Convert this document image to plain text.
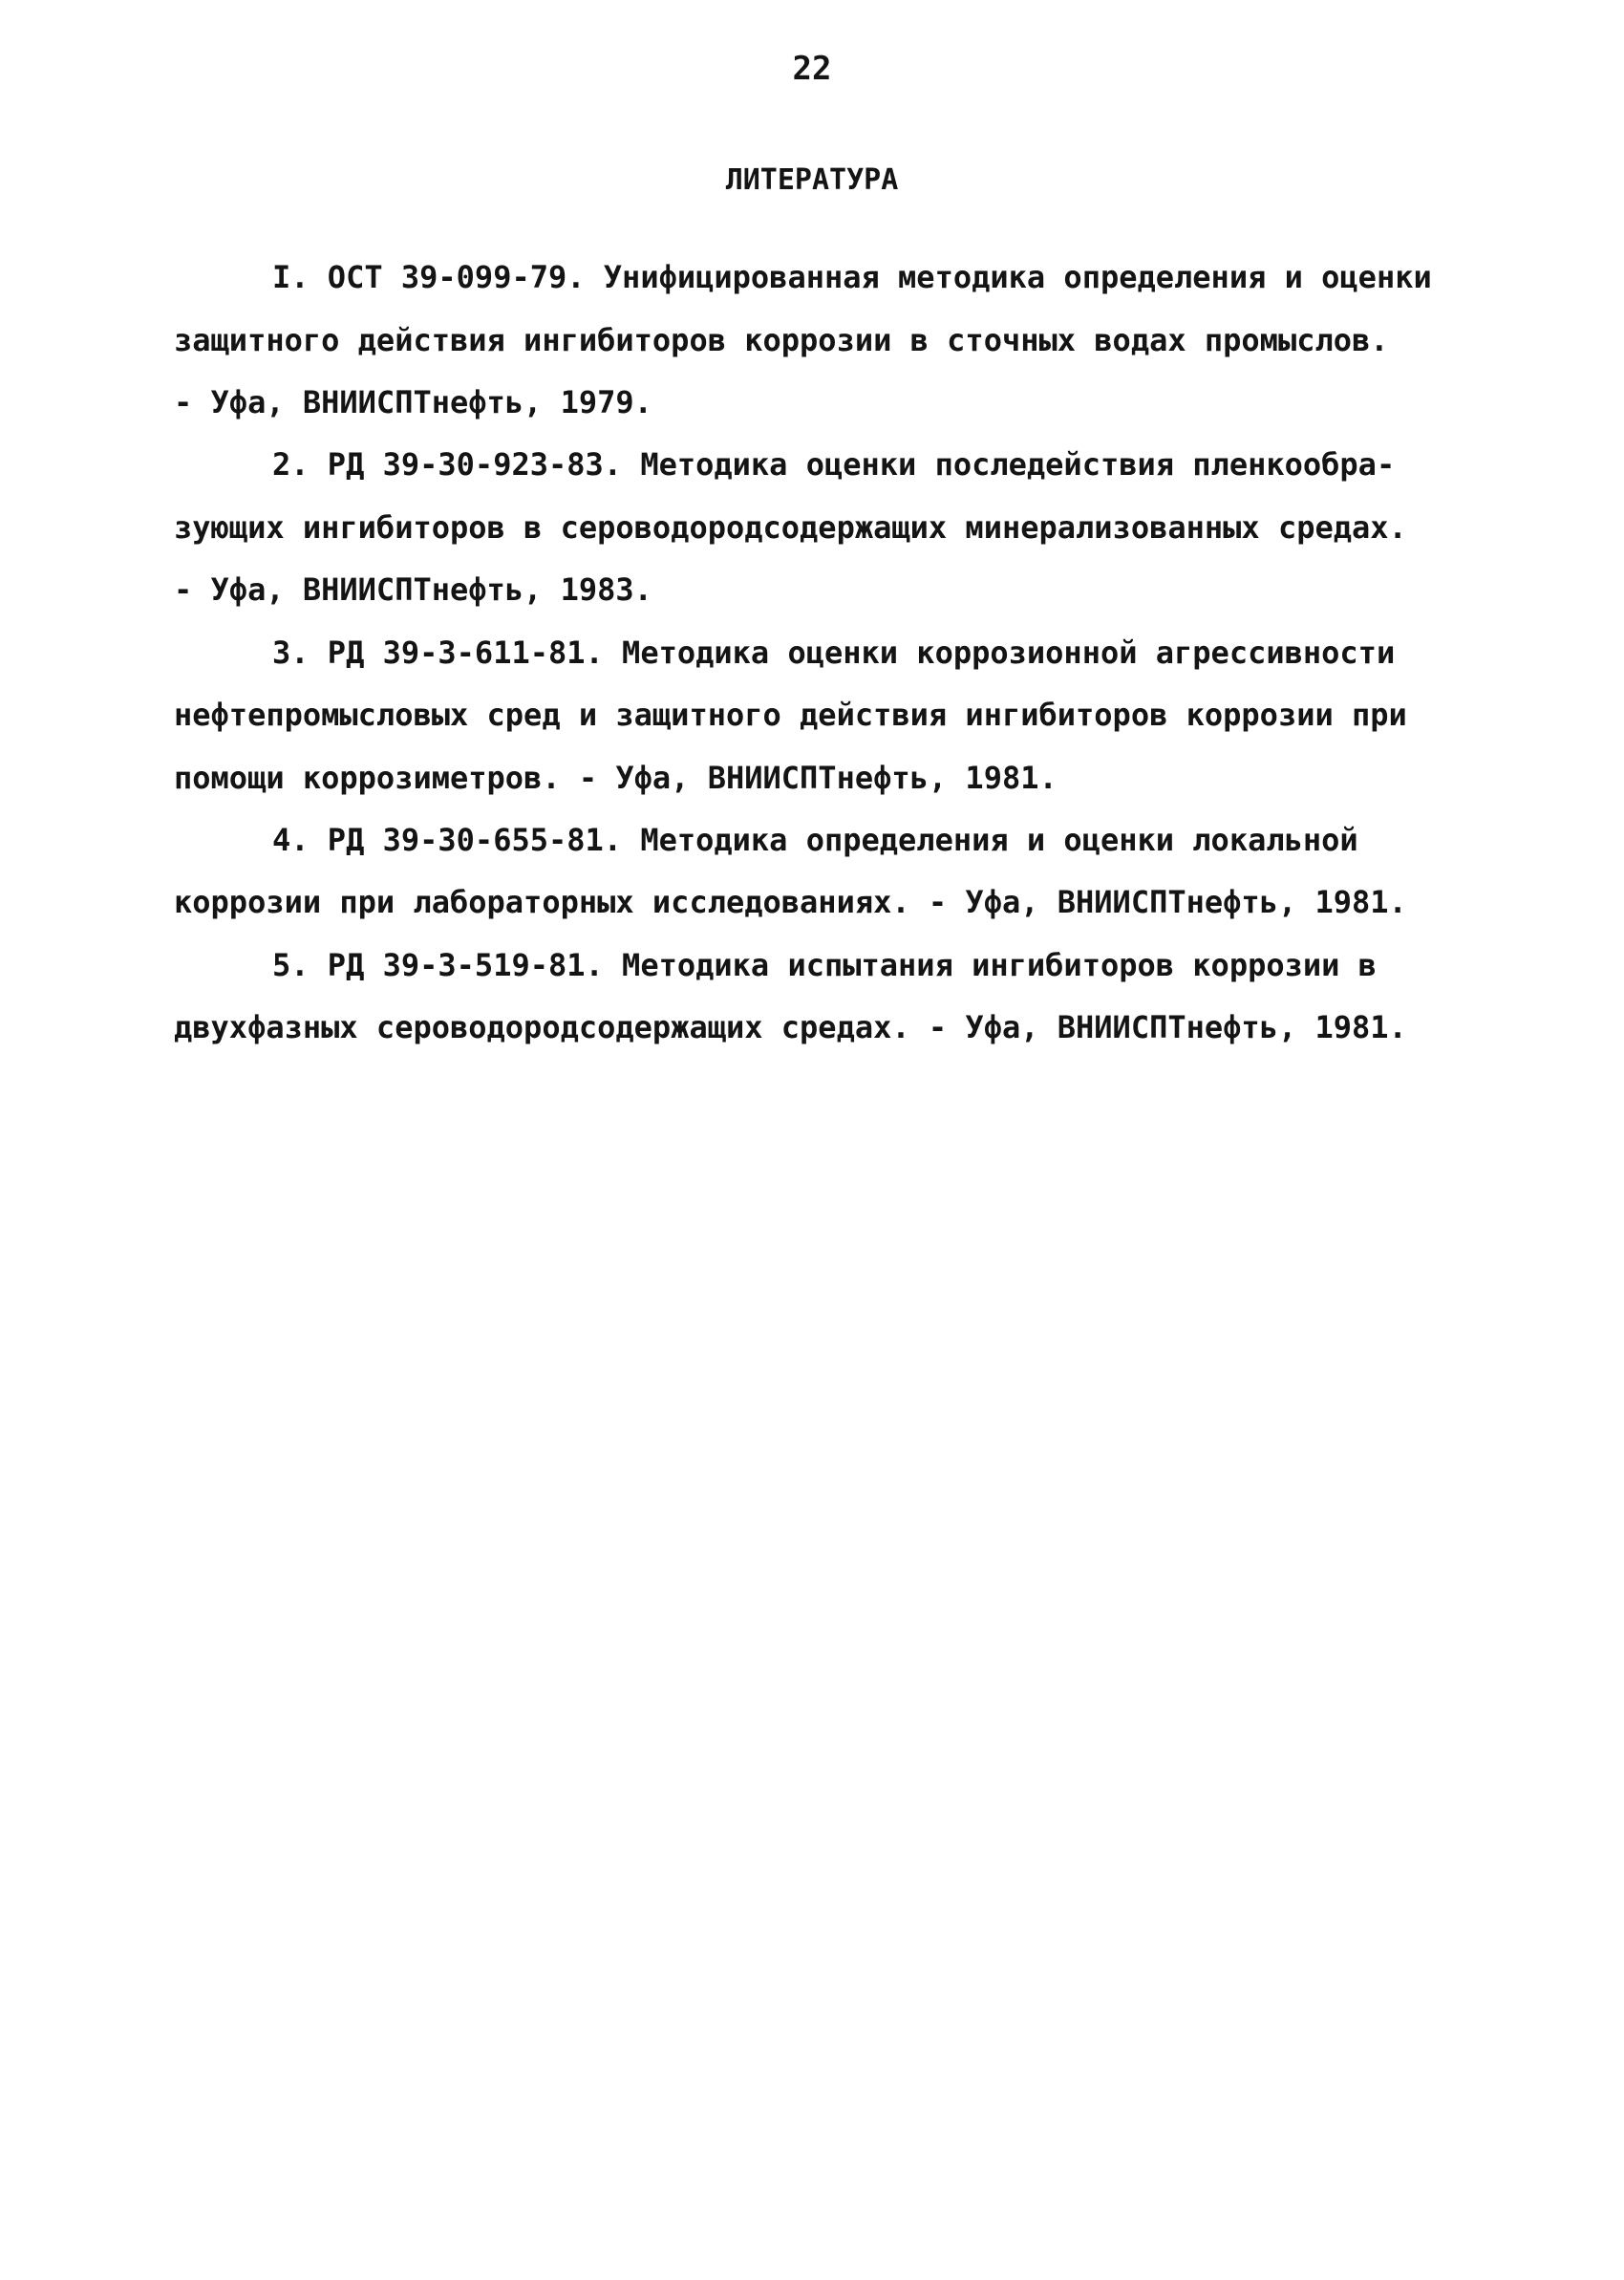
22
ЛИТЕРАТУРА
I. ОСТ 39-099-79. Унифицированная методика определения и оценки
защитного действия ингибиторов коррозии в сточных водах промыслов.
- Уфа, ВНИИСПТнефть, 1979.
2. РД 39-30-923-83. Методика оценки последействия пленкообра-
зующих ингибиторов в сероводородсодержащих минерализованных средах.
- Уфа, ВНИИСПТнефть, 1983.
3. РД 39-3-611-81. Методика оценки коррозионной агрессивности
нефтепромысловых сред и защитного действия ингибиторов коррозии при
помощи коррозиметров. - Уфа, ВНИИСПТнефть, 1981.
4. РД 39-30-655-81. Методика определения и оценки локальной
коррозии при лабораторных исследованиях. - Уфа, ВНИИСПТнефть, 1981.
5. РД 39-3-519-81. Методика испытания ингибиторов коррозии в
двухфазных сероводородсодержащих средах. - Уфа, ВНИИСПТнефть, 1981.
